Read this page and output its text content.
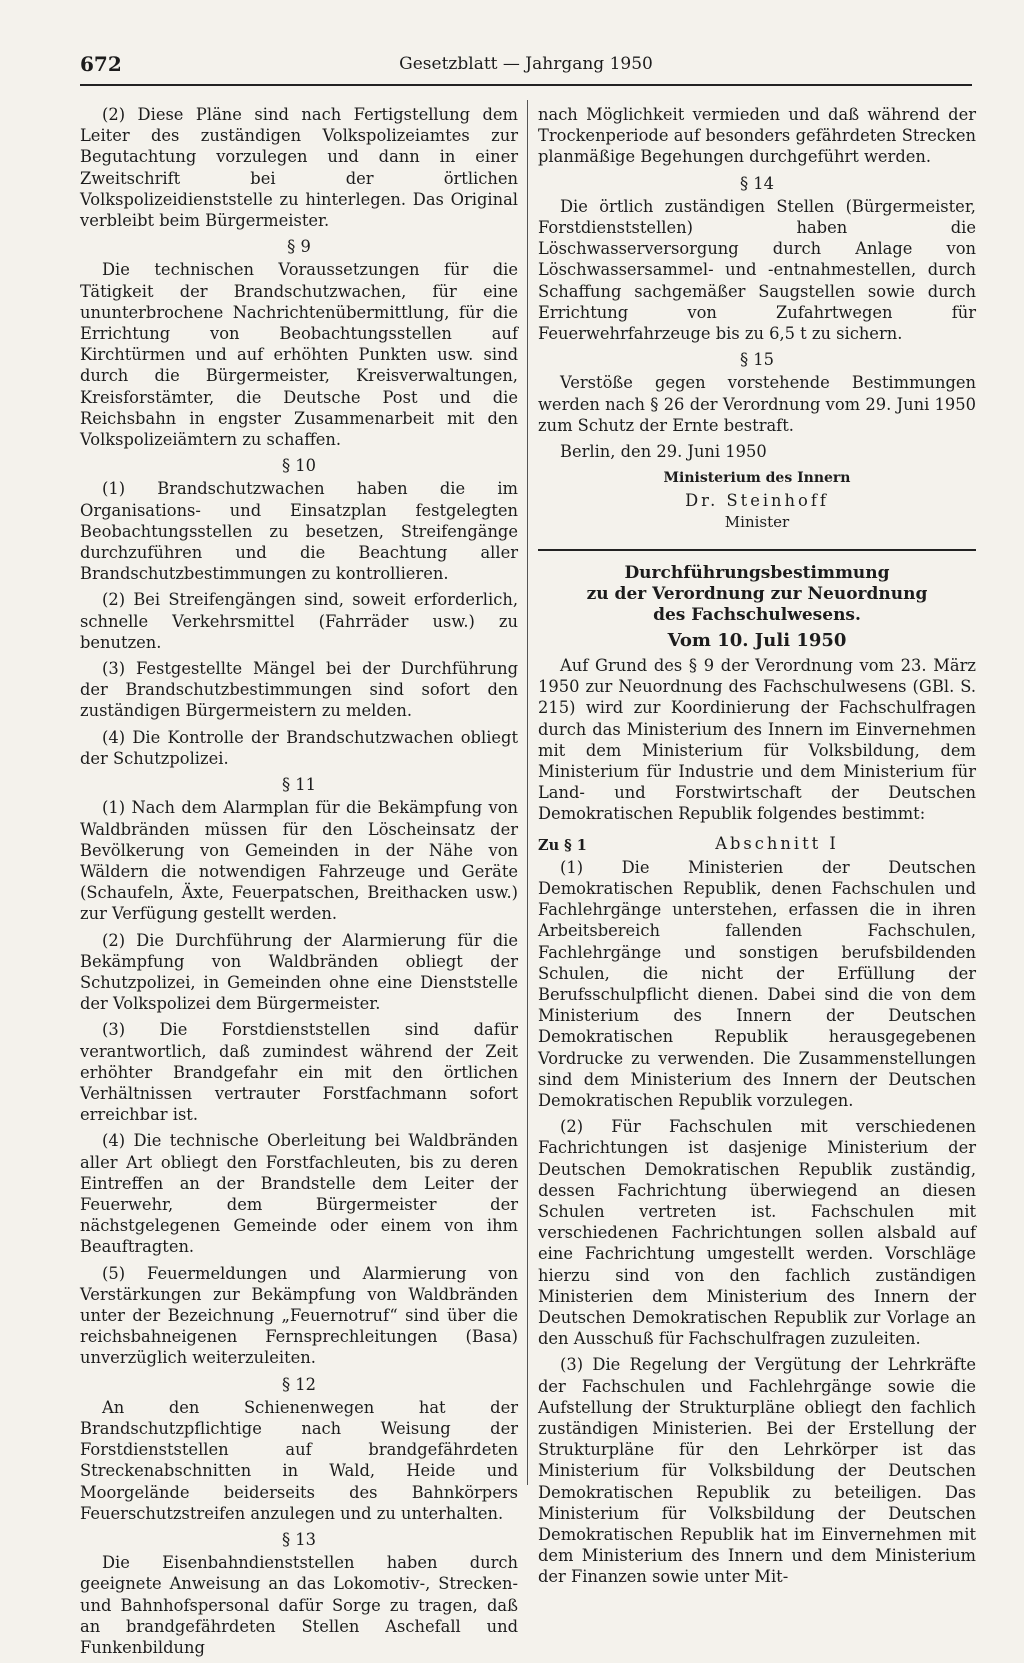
672	Gesetzblatt — Jahrgang 1950

(2) Diese Pläne sind nach Fertigstellung dem Leiter des zuständigen Volkspolizeiamtes zur Begutachtung vorzulegen und dann in einer Zweitschrift bei der örtlichen Volkspolizeidienststelle zu hinterlegen. Das Original verbleibt beim Bürgermeister.

§ 9

Die technischen Voraussetzungen für die Tätigkeit der Brandschutzwachen, für eine ununterbrochene Nachrichtenübermittlung, für die Errichtung von Beobachtungsstellen auf Kirchtürmen und auf erhöhten Punkten usw. sind durch die Bürgermeister, Kreisverwaltungen, Kreisforstämter, die Deutsche Post und die Reichsbahn in engster Zusammenarbeit mit den Volkspolizeiämtern zu schaffen.

§ 10

(1) Brandschutzwachen haben die im Organisations- und Einsatzplan festgelegten Beobachtungsstellen zu besetzen, Streifengänge durchzuführen und die Beachtung aller Brandschutzbestimmungen zu kontrollieren.

(2) Bei Streifengängen sind, soweit erforderlich, schnelle Verkehrsmittel (Fahrräder usw.) zu benutzen.

(3) Festgestellte Mängel bei der Durchführung der Brandschutzbestimmungen sind sofort den zuständigen Bürgermeistern zu melden.

(4) Die Kontrolle der Brandschutzwachen obliegt der Schutzpolizei.

§ 11

(1) Nach dem Alarmplan für die Bekämpfung von Waldbränden müssen für den Löscheinsatz der Bevölkerung von Gemeinden in der Nähe von Wäldern die notwendigen Fahrzeuge und Geräte (Schaufeln, Äxte, Feuerpatschen, Breithacken usw.) zur Verfügung gestellt werden.

(2) Die Durchführung der Alarmierung für die Bekämpfung von Waldbränden obliegt der Schutzpolizei, in Gemeinden ohne eine Dienststelle der Volkspolizei dem Bürgermeister.

(3) Die Forstdienststellen sind dafür verantwortlich, daß zumindest während der Zeit erhöhter Brandgefahr ein mit den örtlichen Verhältnissen vertrauter Forstfachmann sofort erreichbar ist.

(4) Die technische Oberleitung bei Waldbränden aller Art obliegt den Forstfachleuten, bis zu deren Eintreffen an der Brandstelle dem Leiter der Feuerwehr, dem Bürgermeister der nächstgelegenen Gemeinde oder einem von ihm Beauftragten.

(5) Feuermeldungen und Alarmierung von Verstärkungen zur Bekämpfung von Waldbränden unter der Bezeichnung „Feuernotruf“ sind über die reichsbahneigenen Fernsprechleitungen (Basa) unverzüglich weiterzuleiten.

§ 12

An den Schienenwegen hat der Brandschutzpflichtige nach Weisung der Forstdienststellen auf brandgefährdeten Streckenabschnitten in Wald, Heide und Moorgelände beiderseits des Bahnkörpers Feuerschutzstreifen anzulegen und zu unterhalten.

§ 13

Die Eisenbahndienststellen haben durch geeignete Anweisung an das Lokomotiv-, Strecken- und Bahnhofspersonal dafür Sorge zu tragen, daß an brandgefährdeten Stellen Aschefall und Funkenbildung

nach Möglichkeit vermieden und daß während der Trockenperiode auf besonders gefährdeten Strecken planmäßige Begehungen durchgeführt werden.

§ 14

Die örtlich zuständigen Stellen (Bürgermeister, Forstdienststellen) haben die Löschwasserversorgung durch Anlage von Löschwassersammel- und -entnahmestellen, durch Schaffung sachgemäßer Saugstellen sowie durch Errichtung von Zufahrtwegen für Feuerwehrfahrzeuge bis zu 6,5 t zu sichern.

§ 15

Verstöße gegen vorstehende Bestimmungen werden nach § 26 der Verordnung vom 29. Juni 1950 zum Schutz der Ernte bestraft.

Berlin, den 29. Juni 1950
Ministerium des Innern
Dr. Steinhoff
Minister
Durchführungsbestimmung
zu der Verordnung zur Neuordnung
des Fachschulwesens.
Vom 10. Juli 1950

Auf Grund des § 9 der Verordnung vom 23. März 1950 zur Neuordnung des Fachschulwesens (GBl. S. 215) wird zur Koordinierung der Fachschulfragen durch das Ministerium des Innern im Einvernehmen mit dem Ministerium für Volksbildung, dem Ministerium für Industrie und dem Ministerium für Land- und Forstwirtschaft der Deutschen Demokratischen Republik folgendes bestimmt:

Zu § 1	Abschnitt I

(1) Die Ministerien der Deutschen Demokratischen Republik, denen Fachschulen und Fachlehrgänge unterstehen, erfassen die in ihren Arbeitsbereich fallenden Fachschulen, Fachlehrgänge und sonstigen berufsbildenden Schulen, die nicht der Erfüllung der Berufsschulpflicht dienen. Dabei sind die von dem Ministerium des Innern der Deutschen Demokratischen Republik herausgegebenen Vordrucke zu verwenden. Die Zusammenstellungen sind dem Ministerium des Innern der Deutschen Demokratischen Republik vorzulegen.

(2) Für Fachschulen mit verschiedenen Fachrichtungen ist dasjenige Ministerium der Deutschen Demokratischen Republik zuständig, dessen Fachrichtung überwiegend an diesen Schulen vertreten ist. Fachschulen mit verschiedenen Fachrichtungen sollen alsbald auf eine Fachrichtung umgestellt werden. Vorschläge hierzu sind von den fachlich zuständigen Ministerien dem Ministerium des Innern der Deutschen Demokratischen Republik zur Vorlage an den Ausschuß für Fachschulfragen zuzuleiten.

(3) Die Regelung der Vergütung der Lehrkräfte der Fachschulen und Fachlehrgänge sowie die Aufstellung der Strukturpläne obliegt den fachlich zuständigen Ministerien. Bei der Erstellung der Strukturpläne für den Lehrkörper ist das Ministerium für Volksbildung der Deutschen Demokratischen Republik zu beteiligen. Das Ministerium für Volksbildung der Deutschen Demokratischen Republik hat im Einvernehmen mit dem Ministerium des Innern und dem Ministerium der Finanzen sowie unter Mit-
